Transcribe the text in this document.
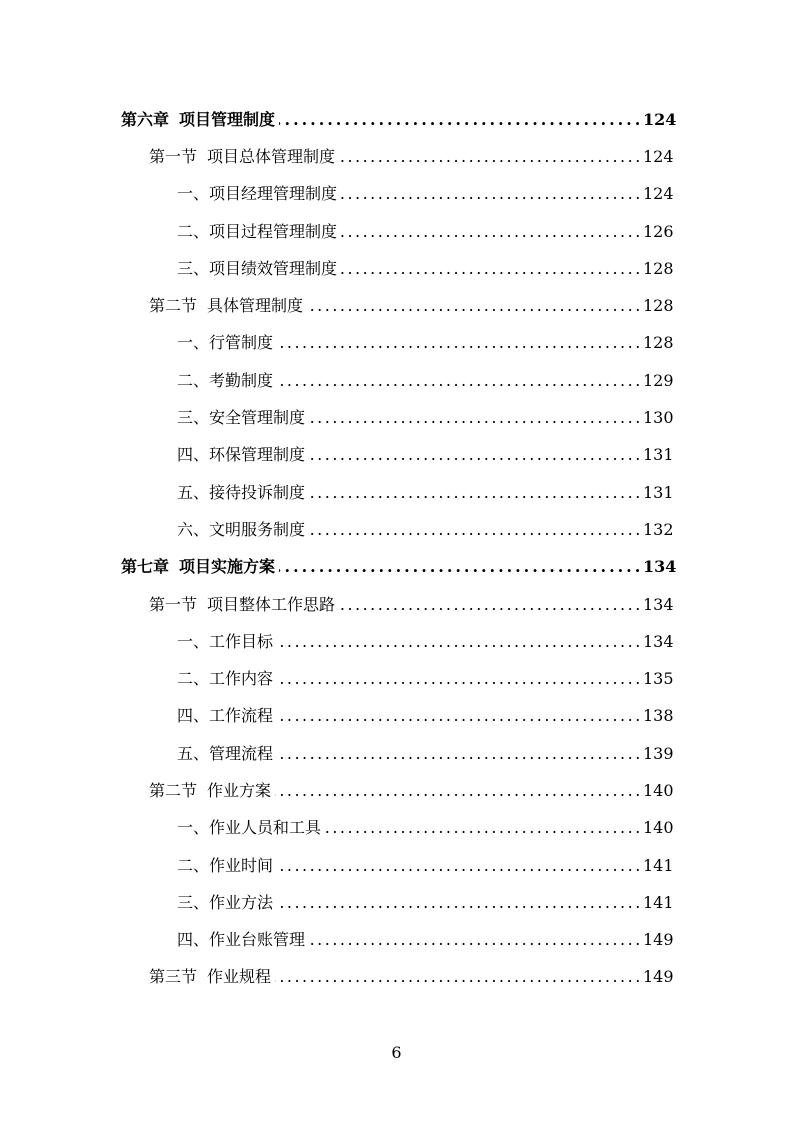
第六章 项目管理制度 . . .	124
第一节 项目总体管理制度 . . .	124
一、项目经理管理制度 . . .	124
二、项目过程管理制度 . . .	126
三、项目绩效管理制度 . . .	128
第二节 具体管理制度 . . .	128
一、行管制度 . . .	128
二、考勤制度 . . .	129
三、安全管理制度 . . .	130
四、环保管理制度 . . .	131
五、接待投诉制度 . . .	131
六、文明服务制度 . . .	132
第七章 项目实施方案 . . .	134
第一节 项目整体工作思路 . . .	134
一、工作目标 . . .	134
二、工作内容 . . .	135
四、工作流程 . . .	138
五、管理流程 . . .	139
第二节 作业方案 . . .	140
一、作业人员和工具 . . .	140
二、作业时间 . . .	141
三、作业方法 . . .	141
四、作业台账管理 . . .	149
第三节 作业规程 . . .	149
6
